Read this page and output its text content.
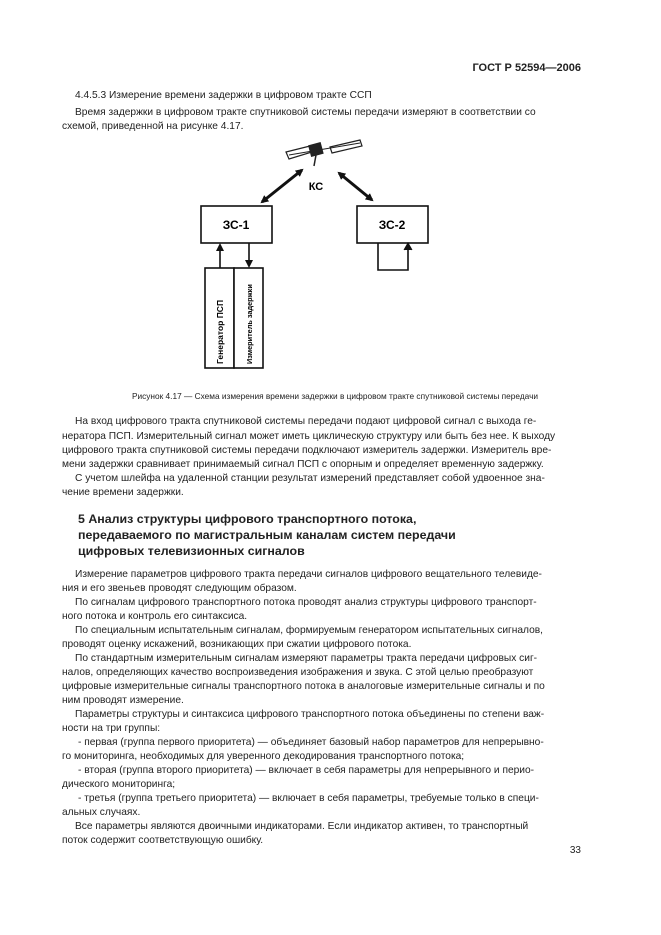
ГОСТ Р 52594—2006

4.4.5.3 Измерение времени задержки в цифровом тракте ССП

Время задержки в цифровом тракте спутниковой системы передачи измеряют в соответствии со

схемой, приведенной на рисунке 4.17.

КС
ЗС-1	ЗС-2
Генератор ПСП	Измеритель задержки
Рисунок 4.17 — Схема измерения времени задержки в цифровом тракте спутниковой системы передачи

На вход цифрового тракта спутниковой системы передачи подают цифровой сигнал с выхода ге-

нератора ПСП. Измерительный сигнал может иметь циклическую структуру или быть без нее. К выходу

цифрового тракта спутниковой системы передачи подключают измеритель задержки. Измеритель вре-

мени задержки сравнивает принимаемый сигнал ПСП с опорным и определяет временную задержку.

С учетом шлейфа на удаленной станции результат измерений представляет собой удвоенное зна-

чение времени задержки.

5 Анализ структуры цифрового транспортного потока,
передаваемого по магистральным каналам систем передачи
цифровых телевизионных сигналов

Измерение параметров цифрового тракта передачи сигналов цифрового вещательного телевиде-

ния и его звеньев проводят следующим образом.

По сигналам цифрового транспортного потока проводят анализ структуры цифрового транспорт-

ного потока и контроль его синтаксиса.

По специальным испытательным сигналам, формируемым генератором испытательных сигналов,

проводят оценку искажений, возникающих при сжатии цифрового потока.

По стандартным измерительным сигналам измеряют параметры тракта передачи цифровых сиг-

налов, определяющих качество воспроизведения изображения и звука. С этой целью преобразуют

цифровые измерительные сигналы транспортного потока в аналоговые измерительные сигналы и по

ним проводят измерение.

Параметры структуры и синтаксиса цифрового транспортного потока объединены по степени важ-

ности на три группы:

- первая (группа первого приоритета) — объединяет базовый набор параметров для непрерывно-

го мониторинга, необходимых для уверенного декодирования транспортного потока;

- вторая (группа второго приоритета) — включает в себя параметры для непрерывного и перио-

дического мониторинга;

- третья (группа третьего приоритета) — включает в себя параметры, требуемые только в специ-

альных случаях.

Все параметры являются двоичными индикаторами. Если индикатор активен, то транспортный

поток содержит соответствующую ошибку.

33
